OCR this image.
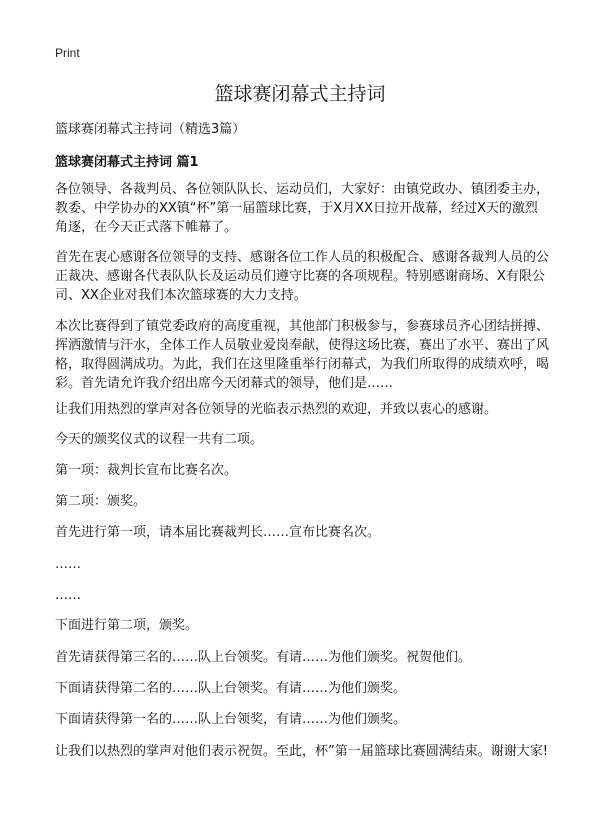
Print
篮球赛闭幕式主持词

篮球赛闭幕式主持词（精选3篇）

篮球赛闭幕式主持词 篇1

各位领导、各裁判员、各位领队队长、运动员们，大家好：由镇党政办、镇团委主办，教委、中学协办的XX镇“杯”第一届篮球比赛，于X月XX日拉开战幕，经过X天的激烈角逐，在今天正式落下帷幕了。

首先在衷心感谢各位领导的支持、感谢各位工作人员的积极配合、感谢各裁判人员的公正裁决、感谢各代表队队长及运动员们遵守比赛的各项规程。特别感谢商场、X有限公司、XX企业对我们本次篮球赛的大力支持。

本次比赛得到了镇党委政府的高度重视，其他部门积极参与，参赛球员齐心团结拼搏、挥洒激情与汗水，全体工作人员敬业爱岗奉献，使得这场比赛，赛出了水平、赛出了风格，取得圆满成功。为此，我们在这里隆重举行闭幕式，为我们所取得的成绩欢呼，喝彩。首先请允许我介绍出席今天闭幕式的领导，他们是……

让我们用热烈的掌声对各位领导的光临表示热烈的欢迎，并致以衷心的感谢。

今天的颁奖仪式的议程一共有二项。

第一项：裁判长宣布比赛名次。

第二项：颁奖。

首先进行第一项，请本届比赛裁判长……宣布比赛名次。

……

……

下面进行第二项，颁奖。

首先请获得第三名的……队上台领奖。有请……为他们颁奖。祝贺他们。

下面请获得第二名的……队上台领奖。有请……为他们颁奖。

下面请获得第一名的……队上台领奖，有请……为他们颁奖。

让我们以热烈的掌声对他们表示祝贺。至此，杯”第一届篮球比赛圆满结束。谢谢大家!
